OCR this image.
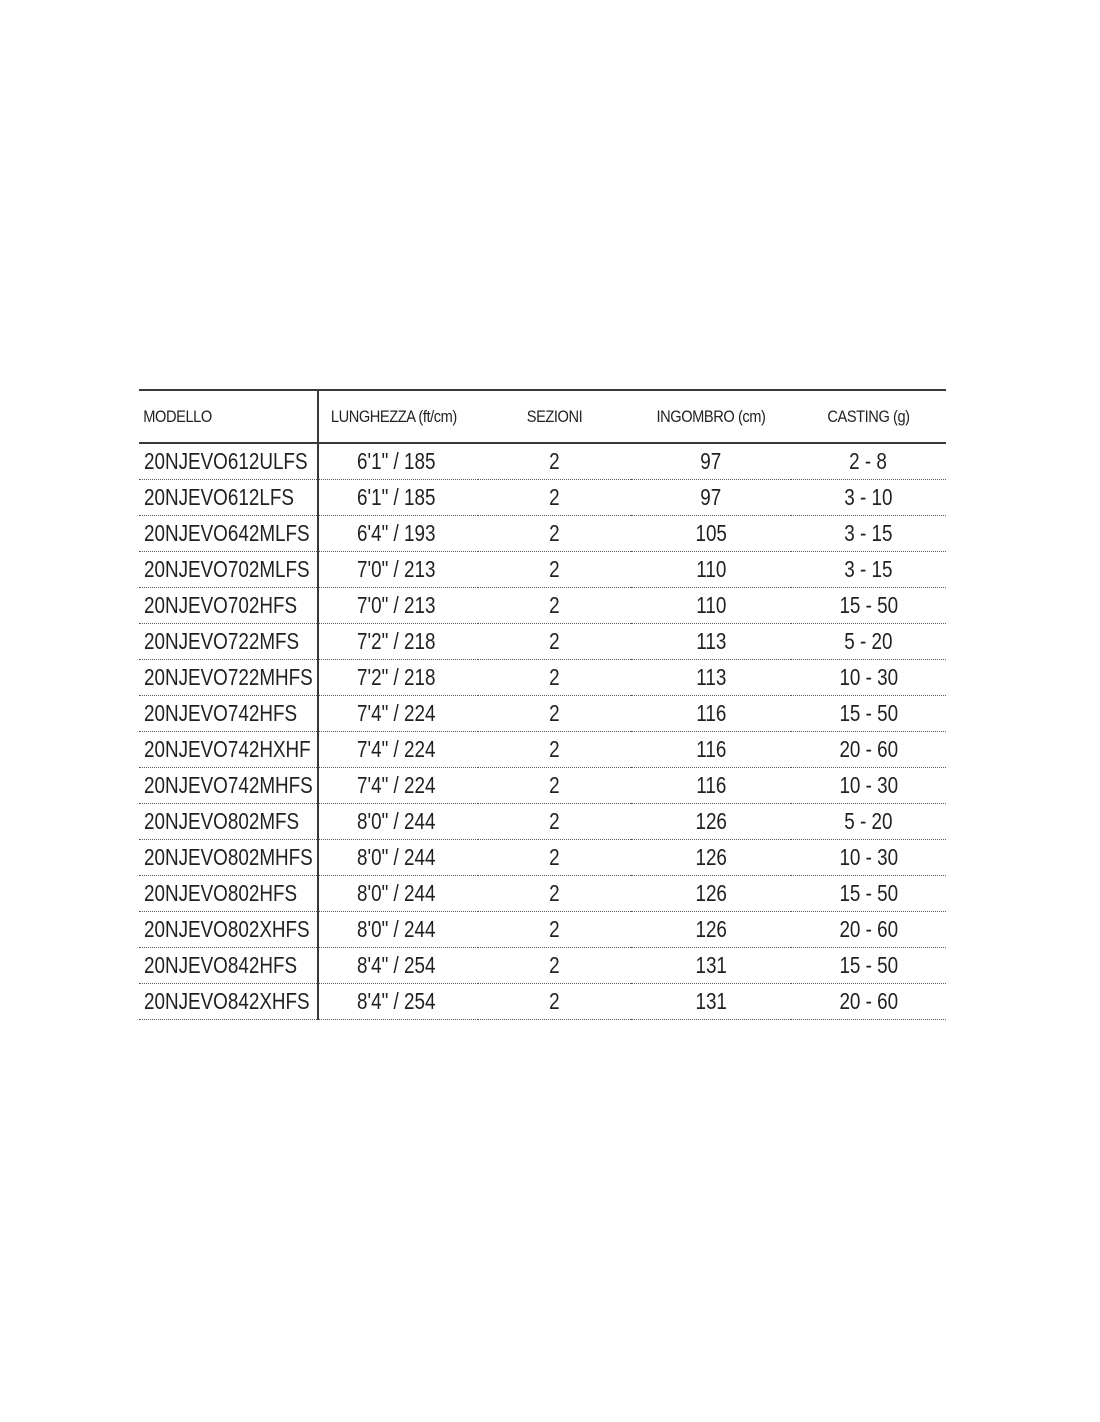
MODELLO	LUNGHEZZA (ft/cm)	SEZIONI	INGOMBRO (cm)	CASTING (g)
20NJEVO612ULFS	6'1" / 185	2	97	2 - 8
20NJEVO612LFS	6'1" / 185	2	97	3 - 10
20NJEVO642MLFS	6'4" / 193	2	105	3 - 15
20NJEVO702MLFS	7'0" / 213	2	110	3 - 15
20NJEVO702HFS	7'0" / 213	2	110	15 - 50
20NJEVO722MFS	7'2" / 218	2	113	5 - 20
20NJEVO722MHFS	7'2" / 218	2	113	10 - 30
20NJEVO742HFS	7'4" / 224	2	116	15 - 50
20NJEVO742HXHF	7'4" / 224	2	116	20 - 60
20NJEVO742MHFS	7'4" / 224	2	116	10 - 30
20NJEVO802MFS	8'0" / 244	2	126	5 - 20
20NJEVO802MHFS	8'0" / 244	2	126	10 - 30
20NJEVO802HFS	8'0" / 244	2	126	15 - 50
20NJEVO802XHFS	8'0" / 244	2	126	20 - 60
20NJEVO842HFS	8'4" / 254	2	131	15 - 50
20NJEVO842XHFS	8'4" / 254	2	131	20 - 60
